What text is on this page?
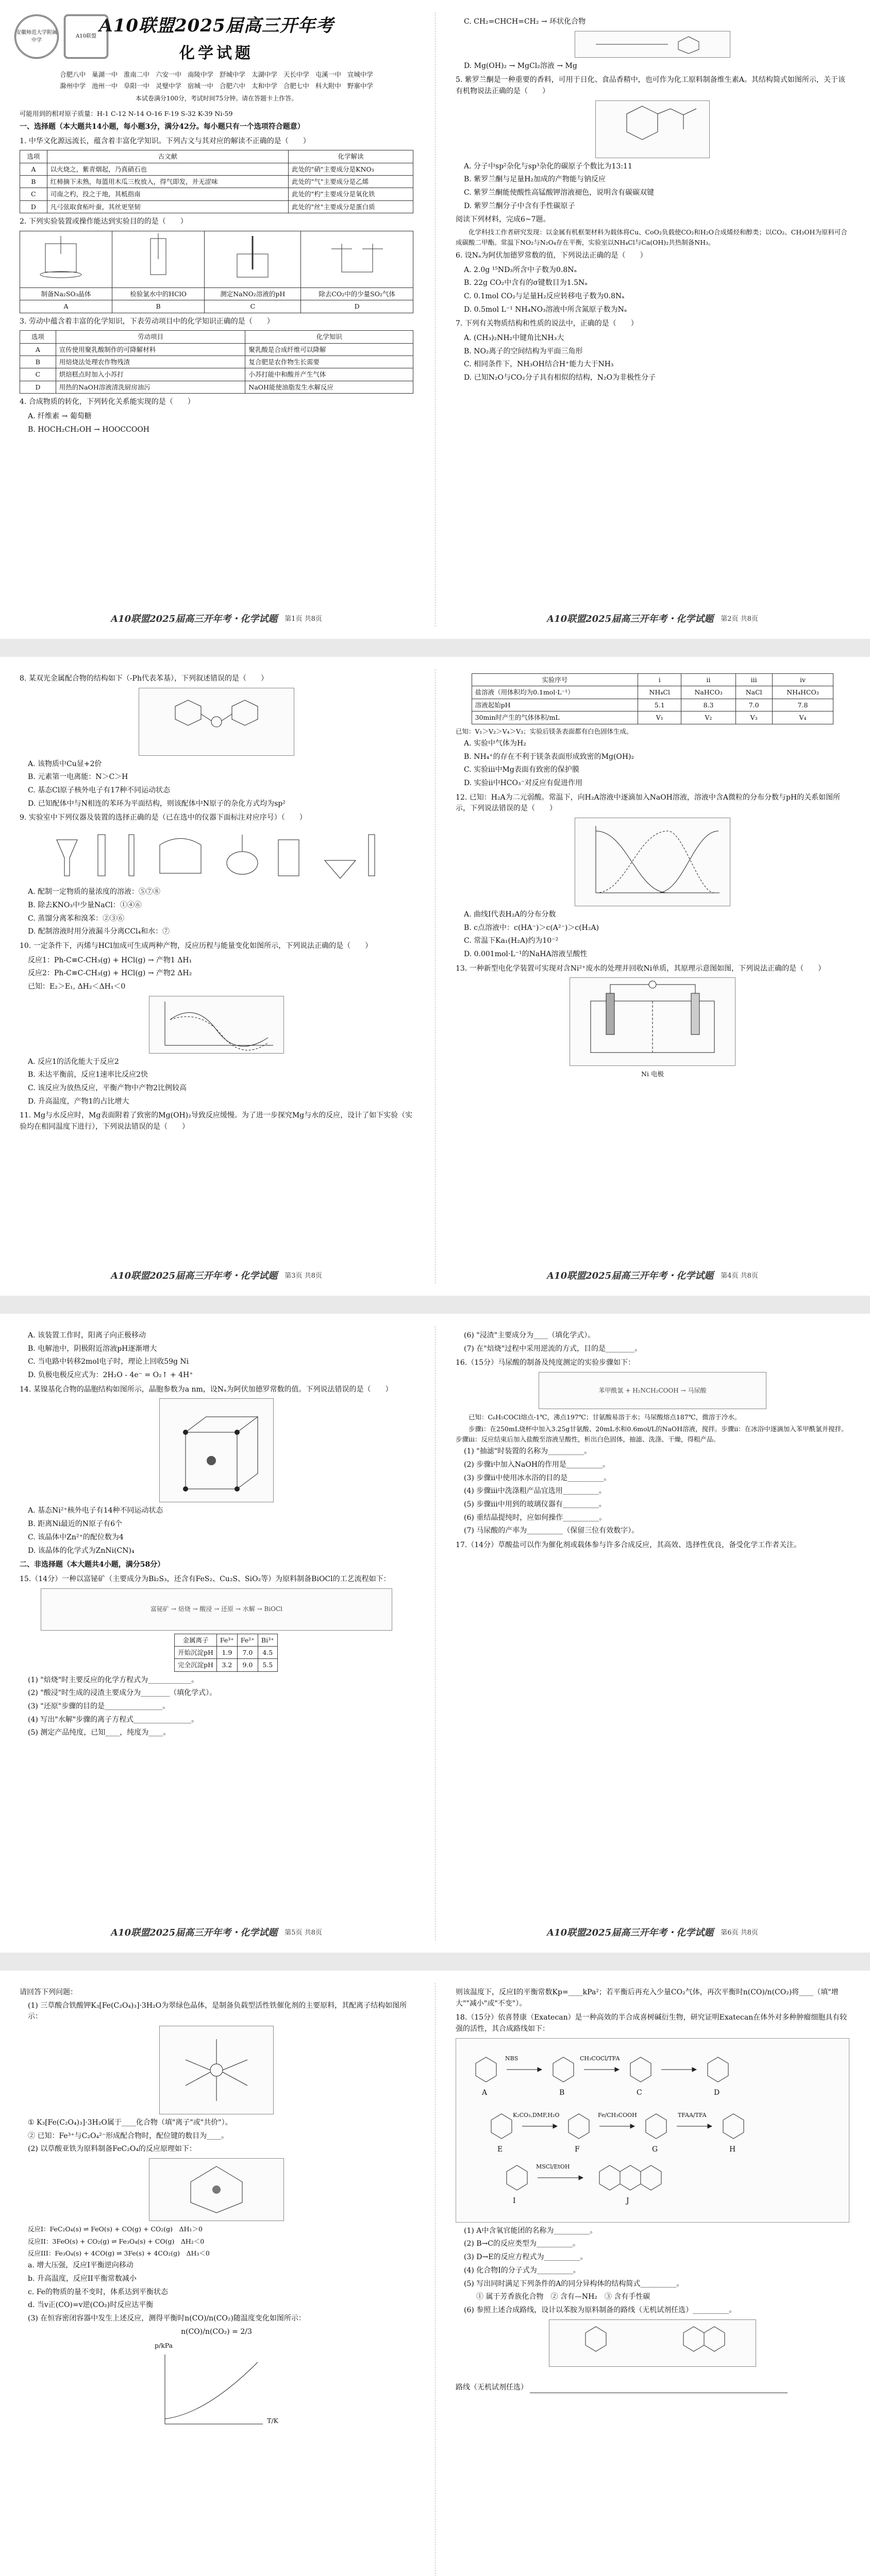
安徽师范大学附属中学
A10联盟
A10联盟2025届高三开年考
化学试题
合肥八中 巢湖一中 淮南二中 六安一中 南陵中学 舒城中学 太湖中学 天长中学 屯溪一中 宣城中学
滁州中学 池州一中 阜阳一中 灵璧中学 宿城一中 合肥六中 太和中学 合肥七中 科大附中 野寨中学
本试卷满分100分，考试时间75分钟。请在答题卡上作答。

可能用到的相对原子质量：H-1 C-12 N-14 O-16 F-19 S-32 K-39 Ni-59

一、选择题（本大题共14小题，每小题3分，满分42分。每小题只有一个选项符合题意）

1. 中华文化源远流长，蕴含着丰富化学知识。下列古文与其对应的解读不正确的是（　　）

选项	古文献	化学解读
A	以火烧之，紫青烟起，乃真硝石也	此处的"硝"主要成分是KNO₃
B	红柿摘下未熟，每篮用木瓜三枚放入，得气即发，并无涩味	此处的"气"主要成分是乙烯
C	司南之杓，投之于地，其柢指南	此处的"杓"主要成分是氧化铁
D	凡弓弦取食柘叶蚕，其丝更坚韧	此处的"丝"主要成分是蛋白质

2. 下列实验装置或操作能达到实验目的的是（　　）

制备Na₂SO₃晶体	检验氯水中的HClO	测定NaNO₂溶液的pH	除去CO₂中的少量SO₂气体
A	B	C	D

3. 劳动中蕴含着丰富的化学知识，下表劳动项目中的化学知识正确的是（　　）

选项	劳动项目	化学知识
A	宣传使用聚乳酸制作的可降解材料	聚乳酸是合成纤维可以降解
B	用焙烧法处理农作物残渣	复合肥是农作物生长需要
C	烘焙糕点时加入小苏打	小苏打能中和酸并产生气体
D	用热的NaOH溶液清洗厨房油污	NaOH能使油脂发生水解反应

4. 合成物质的转化，下列转化关系能实现的是（　　）

A. 纤维素 → 葡萄糖

B. HOCH₂CH₂OH → HOOCCOOH

A10联盟2025届高三开年考・化学试题 第1页 共8页

C. CH₂=CHCH=CH₂ → 环状化合物

D. Mg(OH)₂ → MgCl₂溶液 → Mg

5. 紫罗兰酮是一种重要的香料，可用于日化、食品香精中，也可作为化工原料制备维生素A。其结构简式如图所示，关于该有机物说法正确的是（　　）

A. 分子中sp²杂化与sp³杂化的碳原子个数比为13:11

B. 紫罗兰酮与足量H₂加成的产物能与钠反应

C. 紫罗兰酮能使酸性高锰酸钾溶液褪色，说明含有碳碳双键

D. 紫罗兰酮分子中含有手性碳原子

阅读下列材料，完成6~7题。

化学科技工作者研究发现：以金属有机框架材料为载体将Cu、CoO₂负载使CO₂和H₂O合成烯烃和醇类；以CO₂、CH₃OH为原料可合成碳酸二甲酯。常温下NO₂与N₂O₄存在平衡，实验室以NH₄Cl与Ca(OH)₂共热制备NH₃。

6. 设Nₐ为阿伏加德罗常数的值，下列说法正确的是（　　）

A. 2.0g ¹⁵ND₃所含中子数为0.8Nₐ

B. 22g CO₂中含有的σ键数目为1.5Nₐ

C. 0.1mol CO₂与足量H₂反应转移电子数为0.8Nₐ

D. 0.5mol L⁻¹ NH₄NO₃溶液中所含氮原子数为Nₐ

7. 下列有关物质结构和性质的说法中，正确的是（　　）

A. (CH₃)₂NH₂中键角比NH₃大

B. NO₂离子的空间结构为平面三角形

C. 相同条件下，NH₃OH结合H⁺能力大于NH₃

D. 已知N₂O与CO₂分子具有相似的结构，N₂O为非极性分子

A10联盟2025届高三开年考・化学试题 第2页 共8页

8. 某双光金属配合物的结构如下（-Ph代表苯基），下列叙述错误的是（　　）

A. 该物质中Cu显+2价

B. 元素第一电离能：N＞C＞H

C. 基态Cl原子核外电子有17种不同运动状态

D. 已知配体中与N相连的苯环为平面结构，则该配体中N原子的杂化方式均为sp²

9. 实验室中下列仪器及装置的选择正确的是（已在选中的仪器下面标注对应序号）（　　）

A. 配制一定物质的量浓度的溶液：⑤⑦⑧

B. 除去KNO₃中少量NaCl：①④⑥

C. 蒸馏分离苯和溴苯：②③⑥

D. 配制溶液时用分液漏斗分离CCl₄和水：⑦

10. 一定条件下，丙烯与HCl加成可生成两种产物，反应历程与能量变化如图所示，下列说法正确的是（　　）

反应1：Ph-C≡C-CH₃(g) + HCl(g) → 产物1 ΔH₁

反应2：Ph-C≡C-CH₃(g) + HCl(g) → 产物2 ΔH₂

已知：E₂＞E₁, ΔH₂＜ΔH₁＜0

A. 反应1的活化能大于反应2

B. 未达平衡前，反应1速率比反应2快

C. 该反应为放热反应，平衡产物中产物2比例较高

D. 升高温度，产物1的占比增大

11. Mg与水反应时，Mg表面附着了致密的Mg(OH)₂导致反应缓慢。为了进一步探究Mg与水的反应，设计了如下实验（实验均在相同温度下进行），下列说法错误的是（　　）

A10联盟2025届高三开年考・化学试题 第3页 共8页
实验序号	i	ii	iii	iv
盐溶液（用体积均为0.1mol·L⁻¹）	NH₄Cl	NaHCO₃	NaCl	NH₄HCO₃
溶液起始pH	5.1	8.3	7.0	7.8
30min时产生的气体体积/mL	V₁	V₂	V₃	V₄

已知：V₁＞V₂＞V₄＞V₃；实验后镁条表面都有白色固体生成。

A. 实验中气体为H₂

B. NH₄⁺的存在不利于镁条表面形成致密的Mg(OH)₂

C. 实验iii中Mg表面有致密的保护膜

D. 实验ii中HCO₃⁻对反应有促进作用

12. 已知：H₂A为二元弱酸。常温下，向H₂A溶液中逐滴加入NaOH溶液，溶液中含A微粒的分布分数与pH的关系如图所示，下列说法错误的是（　　）

A. 曲线I代表H₂A的分布分数

B. c点溶液中：c(HA⁻)＞c(A²⁻)＞c(H₂A)

C. 常温下Ka₁(H₂A)约为10⁻²

D. 0.001mol·L⁻¹的NaHA溶液呈酸性

13. 一种新型电化学装置可实现对含Ni²⁺废水的处理并回收Ni单质，其原理示意图如图，下列说法正确的是（　　）

Ni 电极

A10联盟2025届高三开年考・化学试题 第4页 共8页

A. 该装置工作时，阳离子向正极移动

B. 电解池中，阴极附近溶液pH逐渐增大

C. 当电路中转移2mol电子时，理论上回收59g Ni

D. 负极电极反应式为：2H₂O - 4e⁻ = O₂↑ + 4H⁺

14. 某镍基化合物的晶胞结构如图所示，晶胞参数为a nm，设Nₐ为阿伏加德罗常数的值。下列说法错误的是（　　）

A. 基态Ni²⁺核外电子有14种不同运动状态

B. 距离Ni最近的N原子有6个

C. 该晶体中Zn²⁺的配位数为4

D. 该晶体的化学式为ZnNi(CN)₄

二、非选择题（本大题共4小题，满分58分）

15.（14分）一种以富铋矿（主要成分为Bi₂S₃，还含有FeS₂、Cu₂S、SiO₂等）为原料制备BiOCl的工艺流程如下：

富铋矿 → 焙烧 → 酸浸 → 还原 → 水解 → BiOCl
金属离子	Fe³⁺	Fe²⁺	Bi³⁺
开始沉淀pH	1.9	7.0	4.5
完全沉淀pH	3.2	9.0	5.5

(1) "焙烧"时主要反应的化学方程式为____________。

(2) "酸浸"时生成的浸渣主要成分为________（填化学式）。

(3) "还原"步骤的目的是________________。

(4) 写出"水解"步骤的离子方程式________________。

(5) 测定产品纯度，已知____，纯度为____。

A10联盟2025届高三开年考・化学试题 第5页 共8页

(6) "浸渣"主要成分为____（填化学式）。

(7) 在"焙烧"过程中采用逆流的方式，目的是________。

16.（15分）马尿酸的制备及纯度测定的实验步骤如下：

苯甲酰氯 + H₂NCH₂COOH → 马尿酸

已知：C₆H₅COCl熔点-1℃，沸点197℃；甘氨酸易溶于水；马尿酸熔点187℃，微溶于冷水。

步骤i：在250mL烧杯中加入3.25g甘氨酸、20mL水和0.6mol/L的NaOH溶液，搅拌。步骤ii：在冰浴中逐滴加入苯甲酰氯并搅拌。步骤iii：反应结束后加入盐酸至溶液呈酸性，析出白色固体，抽滤、洗涤、干燥，得粗产品。

(1) "抽滤"时装置的名称为__________。

(2) 步骤i中加入NaOH的作用是__________。

(3) 步骤ii中使用冰水浴的目的是__________。

(4) 步骤iii中洗涤粗产品宜选用__________。

(5) 步骤iii中用到的玻璃仪器有__________。

(6) 重结晶提纯时，应如何操作__________。

(7) 马尿酸的产率为__________（保留三位有效数字）。

17.（14分）草酸盐可以作为催化剂或载体参与许多合成反应，其高效、选择性优良，备受化学工作者关注。

A10联盟2025届高三开年考・化学试题 第6页 共8页

请回答下列问题：

(1) 三草酸合铁酸钾K₃[Fe(C₂O₄)₃]·3H₂O为翠绿色晶体，是制备负载型活性铁催化剂的主要原料，其配离子结构如图所示：

① K₃[Fe(C₂O₄)₃]·3H₂O属于____化合物（填"离子"或"共价"）。

② 已知：Fe³⁺与C₂O₄²⁻形成配合物时，配位键的数目为____。

(2) 以草酸亚铁为原料制备FeC₂O₄的反应原理如下：

反应I：FeC₂O₄(s) ⇌ FeO(s) + CO(g) + CO₂(g)　ΔH₁＞0

反应II：3FeO(s) + CO₂(g) ⇌ Fe₃O₄(s) + CO(g)　ΔH₂＜0

反应III：Fe₃O₄(s) + 4CO(g) ⇌ 3Fe(s) + 4CO₂(g)　ΔH₃＜0

a. 增大压强，反应I平衡逆向移动

b. 升高温度，反应II平衡常数减小

c. Fe的物质的量不变时，体系达到平衡状态

d. 当v正(CO)=v逆(CO₂)时反应达平衡

(3) 在恒容密闭容器中发生上述反应，测得平衡时n(CO)/n(CO₂)随温度变化如图所示：

n(CO)/n(CO₂) = 2/3

p/kPa
T/K

则该温度下，反应I的平衡常数Kp=____kPa²；若平衡后再充入少量CO₂气体，再次平衡时n(CO)/n(CO₂)将____（填"增大""减小"或"不变"）。

18.（15分）依喜替康（Exatecan）是一种高效的半合成喜树碱衍生物，研究证明Exatecan在体外对多种肿瘤细胞具有较强的活性，其合成路线如下：

NBS	CH₃COCl/TFA
K₂CO₃,DMF,H₂O	Fe/CH₃COOH	TFAA/TFA
MSCl/EtOH
A	B	C	D
E	F	G	H
I	J

(1) A中含氧官能团的名称为__________。

(2) B→C的反应类型为__________。

(3) D→E的反应方程式为__________。

(4) 化合物I的分子式为__________。

(5) 写出同时满足下列条件的A的同分异构体的结构简式__________。

① 属于芳香族化合物　② 含有—NH₂　③ 含有手性碳

(6) 参照上述合成路线，设计以苯胺为原料制备的路线（无机试剂任选）__________。

路线（无机试剂任选）
